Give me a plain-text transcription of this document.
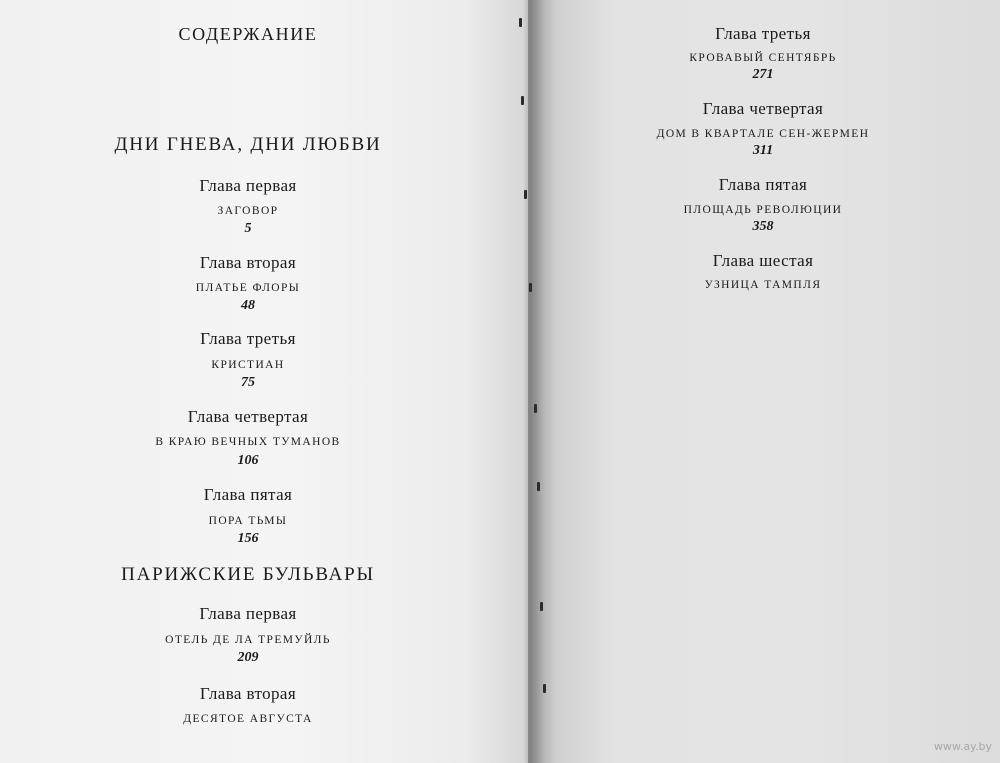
СОДЕРЖАНИЕ
ДНИ ГНЕВА, ДНИ ЛЮБВИ
Глава первая
ЗАГОВОР
5
Глава вторая
ПЛАТЬЕ ФЛОРЫ
48
Глава третья
КРИСТИАН
75
Глава четвертая
В КРАЮ ВЕЧНЫХ ТУМАНОВ
106
Глава пятая
ПОРА ТЬМЫ
156
ПАРИЖСКИЕ БУЛЬВАРЫ
Глава первая
ОТЕЛЬ ДЕ ЛА ТРЕМУЙЛЬ
209
Глава вторая
ДЕСЯТОЕ АВГУСТА
Глава третья
КРОВАВЫЙ СЕНТЯБРЬ
271
Глава четвертая
ДОМ В КВАРТАЛЕ СЕН-ЖЕРМЕН
311
Глава пятая
ПЛОЩАДЬ РЕВОЛЮЦИИ
358
Глава шестая
УЗНИЦА ТАМПЛЯ
www.ay.by
